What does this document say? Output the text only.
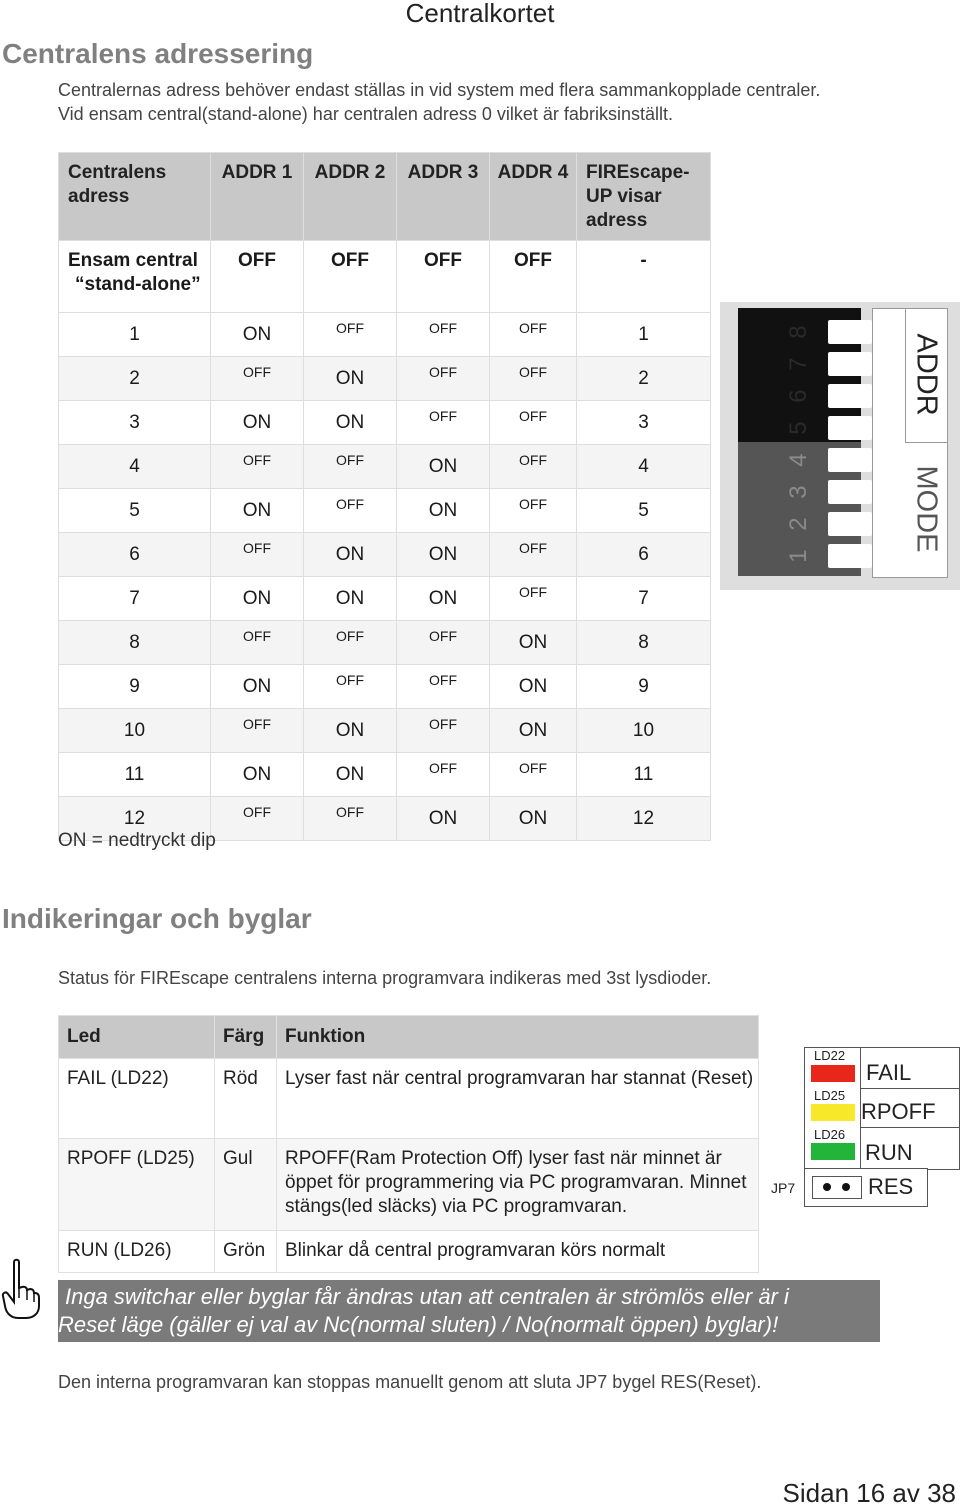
Centralkortet
Centralens adressering
Centralernas adress behöver endast ställas in vid system med flera sammankopplade centraler.
Vid ensam central(stand-alone) har centralen adress 0 vilket är fabriksinställt.
Centralens adress	ADDR 1	ADDR 2	ADDR 3	ADDR 4	FIREscape-UP visar adress

Ensam central
“stand-alone”	OFF	OFF	OFF	OFF	-
1	ON	$^{OFF}$	$^{OFF}$	$^{OFF}$	1
2	$^{OFF}$	ON	$^{OFF}$	$^{OFF}$	2
3	ON	ON	$^{OFF}$	$^{OFF}$	3
4	$^{OFF}$	$^{OFF}$	ON	$^{OFF}$	4
5	ON	$^{OFF}$	ON	$^{OFF}$	5
6	$^{OFF}$	ON	ON	$^{OFF}$	6
7	ON	ON	ON	$^{OFF}$	7
8	$^{OFF}$	$^{OFF}$	$^{OFF}$	ON	8
9	ON	$^{OFF}$	$^{OFF}$	ON	9
10	$^{OFF}$	ON	$^{OFF}$	ON	10
11	ON	ON	$^{OFF}$	$^{OFF}$	11
12	$^{OFF}$	$^{OFF}$	ON	ON	12
ON = nedtryckt dip
8
7
6
5
4
3
2
1
ADDR
MODE
Indikeringar och byglar
Status för FIREscape centralens interna programvara indikeras med 3st lysdioder.
Led	Färg	Funktion
FAIL (LD22)	Röd	Lyser fast när central programvaran har stannat (Reset)
RPOFF (LD25)	Gul	RPOFF(Ram Protection Off) lyser fast när minnet är öppet för programmering via PC programvaran. Minnet stängs(led släcks) via PC programvaran.
RUN (LD26)	Grön	Blinkar då central programvaran körs normalt
LD22
FAIL
LD25
RPOFF
LD26
RUN
JP7	RES
Inga switchar eller byglar får ändras utan att centralen är strömlös eller är i
Reset läge (gäller ej val av Nc(normal sluten) / No(normalt öppen) byglar)!
Den interna programvaran kan stoppas manuellt genom att sluta JP7 bygel RES(Reset).
Sidan 16 av 38
